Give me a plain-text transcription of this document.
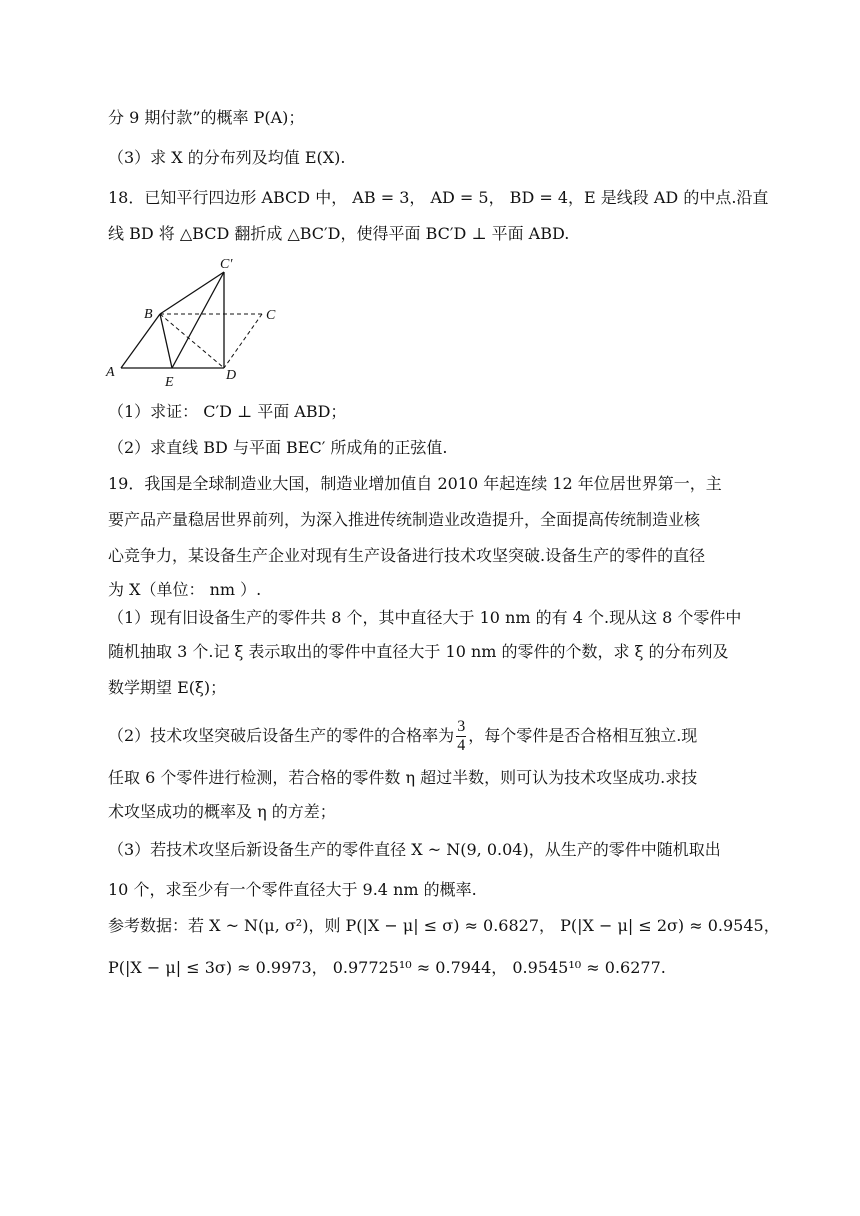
分 9 期付款”的概率 P(A)；
（3）求 X 的分布列及均值 E(X).
18．已知平行四边形 ABCD 中， AB = 3， AD = 5， BD = 4，E 是线段 AD 的中点.沿直
线 BD 将 △BCD 翻折成 △BC′D，使得平面 BC′D ⊥ 平面 ABD.
C′
B	C
A
E	D
（1）求证： C′D ⊥ 平面 ABD；
（2）求直线 BD 与平面 BEC′ 所成角的正弦值.
19．我国是全球制造业大国，制造业增加值自 2010 年起连续 12 年位居世界第一，主
要产品产量稳居世界前列，为深入推进传统制造业改造提升，全面提高传统制造业核
心竞争力，某设备生产企业对现有生产设备进行技术攻坚突破.设备生产的零件的直径
为 X（单位： nm ）.
（1）现有旧设备生产的零件共 8 个，其中直径大于 10 nm 的有 4 个.现从这 8 个零件中
随机抽取 3 个.记 ξ 表示取出的零件中直径大于 10 nm 的零件的个数，求 ξ 的分布列及
数学期望 E(ξ)；
（2）技术攻坚突破后设备生产的零件的合格率为 $\frac{3}{4}$ ，每个零件是否合格相互独立.现
任取 6 个零件进行检测，若合格的零件数 η 超过半数，则可认为技术攻坚成功.求技
术攻坚成功的概率及 η 的方差；
（3）若技术攻坚后新设备生产的零件直径 X ~ N(9, 0.04)，从生产的零件中随机取出
10 个，求至少有一个零件直径大于 9.4 nm 的概率.
参考数据：若 X ~ N(μ, σ²)，则 P(|X − μ| ≤ σ) ≈ 0.6827， P(|X − μ| ≤ 2σ) ≈ 0.9545，
P(|X − μ| ≤ 3σ) ≈ 0.9973， 0.97725¹⁰ ≈ 0.7944， 0.9545¹⁰ ≈ 0.6277.
